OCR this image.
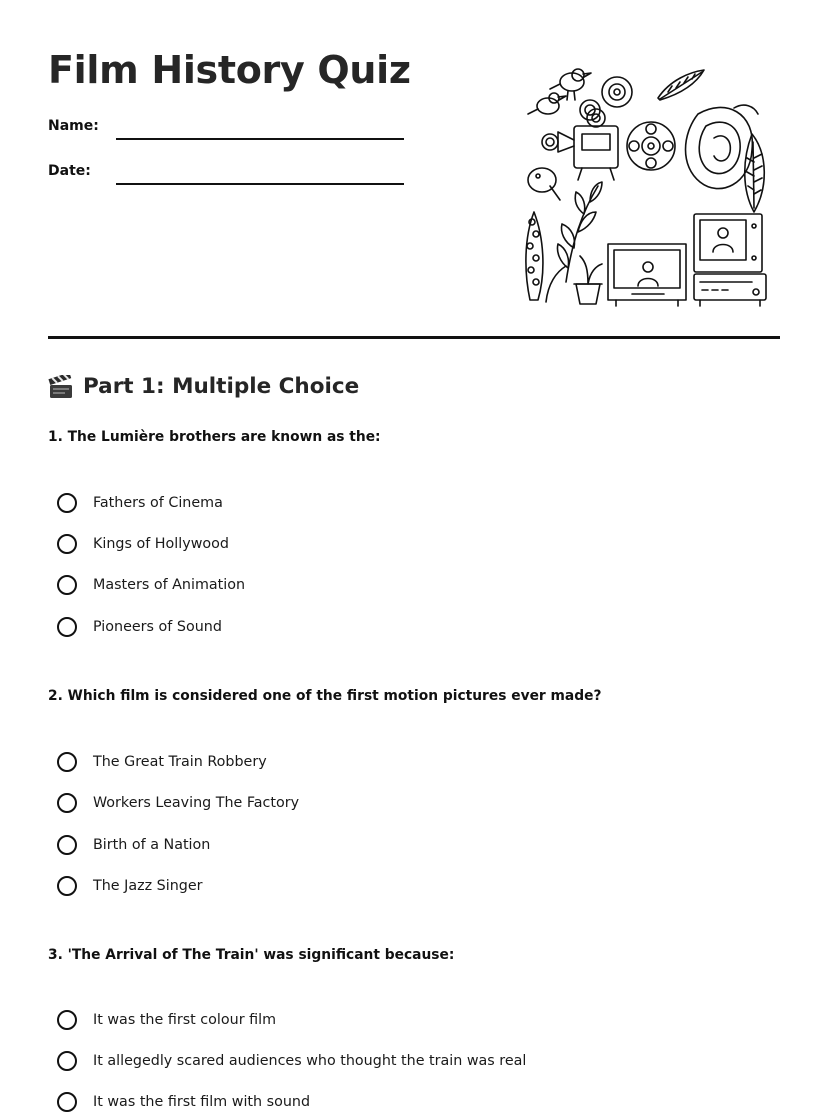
Film History Quiz
Name:
Date:
Part 1: Multiple Choice

1. The Lumière brothers are known as the:

Fathers of Cinema
Kings of Hollywood
Masters of Animation
Pioneers of Sound

2. Which film is considered one of the first motion pictures ever made?

The Great Train Robbery
Workers Leaving The Factory
Birth of a Nation
The Jazz Singer

3. 'The Arrival of The Train' was significant because:

It was the first colour film
It allegedly scared audiences who thought the train was real
It was the first film with sound
